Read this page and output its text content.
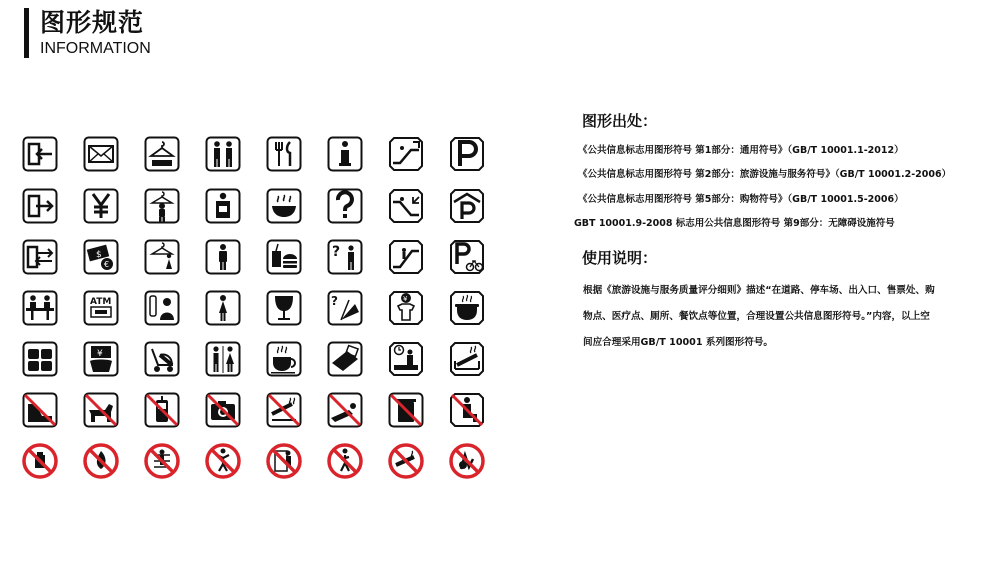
图形规范
INFORMATION
$
€
?
ATM	?	¥
¥
图形出处：
《公共信息标志用图形符号 第1部分：通用符号》（GB/T 10001.1-2012）
《公共信息标志用图形符号 第2部分：旅游设施与服务符号》（GB/T 10001.2-2006）
《公共信息标志用图形符号 第5部分：购物符号》（GB/T 10001.5-2006）
GBT 10001.9-2008 标志用公共信息图形符号 第9部分：无障碍设施符号
使用说明：
根据《旅游设施与服务质量评分细则》描述“在道路、停车场、出入口、售票处、购
物点、医疗点、厕所、餐饮点等位置，合理设置公共信息图形符号。”内容，以上空
间应合理采用GB/T 10001 系列图形符号。
